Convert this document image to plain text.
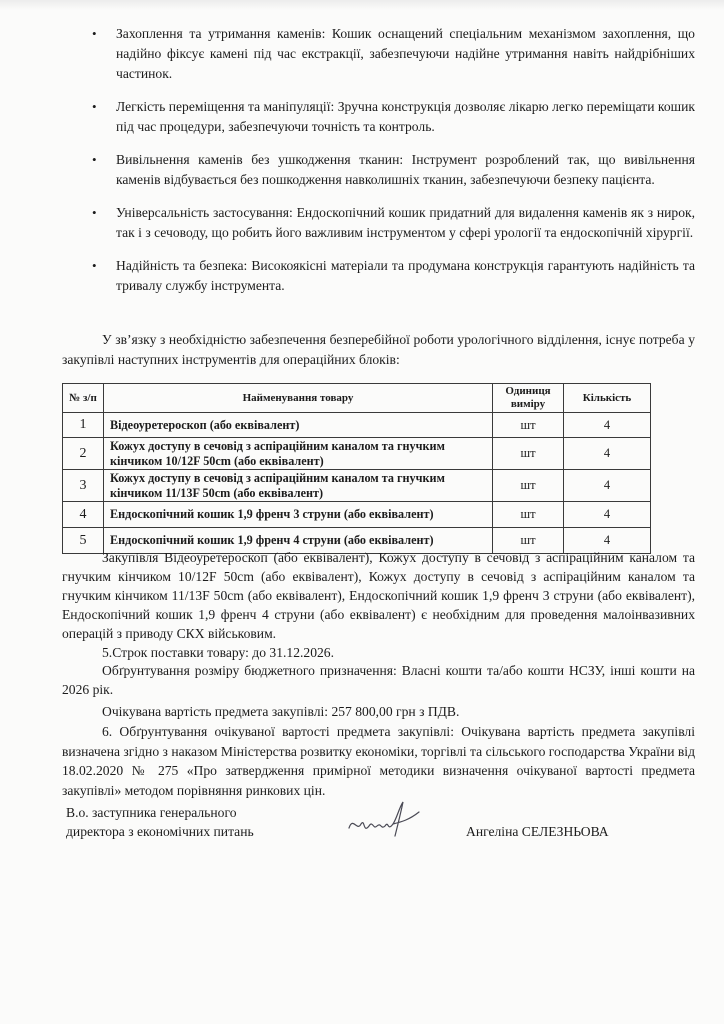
• Захоплення та утримання каменів: Кошик оснащений спеціальним механізмом захоплення, що надійно фіксує камені під час екстракції, забезпечуючи надійне утримання навіть найдрібніших частинок.
• Легкість переміщення та маніпуляції: Зручна конструкція дозволяє лікарю легко переміщати кошик під час процедури, забезпечуючи точність та контроль.
• Вивільнення каменів без ушкодження тканин: Інструмент розроблений так, що вивільнення каменів відбувається без пошкодження навколишніх тканин, забезпечуючи безпеку пацієнта.
• Універсальність застосування: Ендоскопічний кошик придатний для видалення каменів як з нирок, так і з сечоводу, що робить його важливим інструментом у сфері урології та ендоскопічній хірургії.
• Надійність та безпека: Високоякісні матеріали та продумана конструкція гарантують надійність та тривалу службу інструмента.

У зв’язку з необхідністю забезпечення безперебійної роботи урологічного відділення, існує потреба у закупівлі наступних інструментів для операційних блоків:

№ з/п	Найменування товару	Одиниця виміру	Кількість
1	Відеоуретероскоп (або еквівалент)	шт	4
2	Кожух доступу в сечовід з аспіраційним каналом та гнучким кінчиком 10/12F 50cm (або еквівалент)	шт	4
3	Кожух доступу в сечовід з аспіраційним каналом та гнучким кінчиком 11/13F 50cm (або еквівалент)	шт	4
4	Ендоскопічний кошик 1,9 френч 3 струни (або еквівалент)	шт	4
5	Ендоскопічний кошик 1,9 френч 4 струни (або еквівалент)	шт	4

Закупівля Відеоуретероскоп (або еквівалент), Кожух доступу в сечовід з аспіраційним каналом та гнучким кінчиком 10/12F 50cm (або еквівалент), Кожух доступу в сечовід з аспіраційним каналом та гнучким кінчиком 11/13F 50cm (або еквівалент), Ендоскопічний кошик 1,9 френч 3 струни (або еквівалент), Ендоскопічний кошик 1,9 френч 4 струни (або еквівалент) є необхідним для проведення малоінвазивних операцій з приводу СКХ військовим.

5.Строк поставки товару: до 31.12.2026.

Обґрунтування розміру бюджетного призначення: Власні кошти та/або кошти НСЗУ, інші кошти на 2026 рік.

Очікувана вартість предмета закупівлі: 257 800,00 грн з ПДВ.

6. Обґрунтування очікуваної вартості предмета закупівлі: Очікувана вартість предмета закупівлі визначена згідно з наказом Міністерства розвитку економіки, торгівлі та сільського господарства України від 18.02.2020 № 275 «Про затвердження примірної методики визначення очікуваної вартості предмета закупівлі» методом порівняння ринкових цін.

В.о. заступника генерального
директора з економічних питань	Ангеліна СЕЛЕЗНЬОВА
